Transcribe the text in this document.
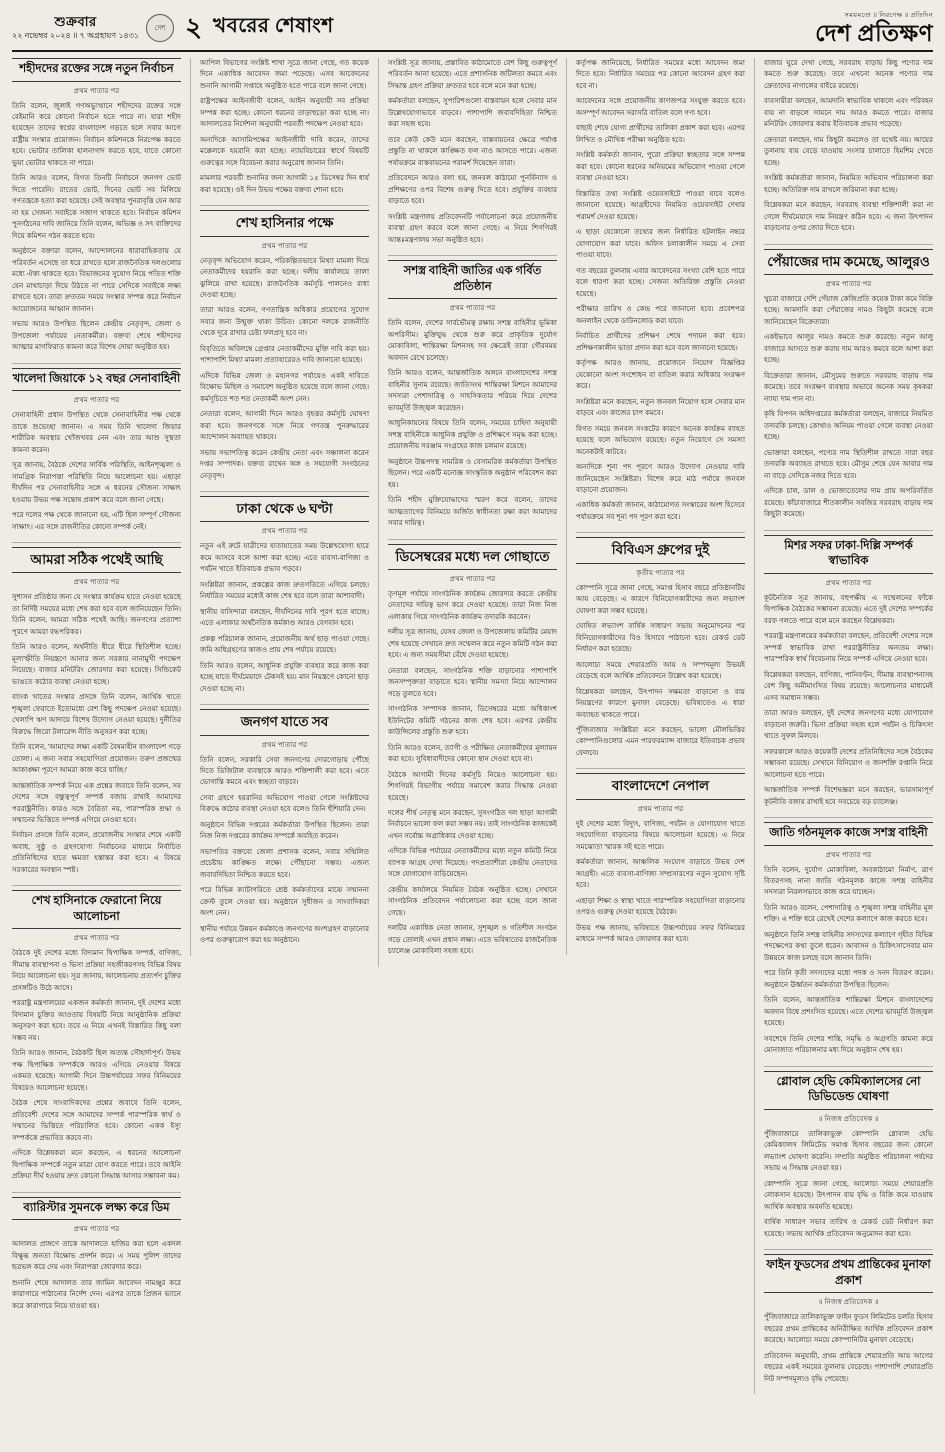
শুক্রবার
২২ নভেম্বর ২০২৪ ॥ ৭ অগ্রহায়ণ ১৪৩১
দেশ ২ খবরের শেষাংশ	সময়মতো ॥ নিরপেক্ষ ॥ প্রতিদিন
দেশ প্রতিক্ষণ
শহীদদের রক্তের সঙ্গে নতুন নির্বাচন
প্রথম পাতার পর

তিনি বলেন, জুলাই গণঅভ্যুত্থানে শহীদদের রক্তের সঙ্গে বেইমানি করে কোনো নির্বাচন হতে পারে না। যারা শহীদ হয়েছেন তাদের স্বপ্নের বাংলাদেশ গড়তে হলে সবার আগে রাষ্ট্রীয় সংস্কার প্রয়োজন। নির্বাচন কমিশনকে নিরপেক্ষ করতে হবে। ভোটার তালিকা হালনাগাদ করতে হবে, যাতে কোনো ভুয়া ভোটার থাকতে না পারে।

তিনি আরও বলেন, বিগত তিনটি নির্বাচনে জনগণ ভোট দিতে পারেনি। রাতের ভোট, দিনের ভোট সব মিলিয়ে গণতন্ত্রকে হত্যা করা হয়েছে। সেই অবস্থার পুনরাবৃত্তি যেন আর না হয় সেজন্য সবাইকে সজাগ থাকতে হবে। নির্বাচন কমিশন পুনর্গঠনের দাবি জানিয়ে তিনি বলেন, অভিজ্ঞ ও সৎ ব্যক্তিদের দিয়ে কমিশন গঠন করতে হবে।

অনুষ্ঠানে বক্তারা বলেন, আন্দোলনের ধারাবাহিকতায় যে পরিবর্তন এসেছে তা ধরে রাখতে হলে রাজনৈতিক দলগুলোর মধ্যে ঐক্য থাকতে হবে। বিভাজনের সুযোগ নিয়ে পতিত শক্তি যেন মাথাচাড়া দিয়ে উঠতে না পারে সেদিকে সবাইকে লক্ষ্য রাখতে হবে। তারা দ্রুততম সময়ে সংস্কার সম্পন্ন করে নির্বাচন আয়োজনের আহ্বান জানান।

সভায় আরও উপস্থিত ছিলেন কেন্দ্রীয় নেতৃবৃন্দ, জেলা ও উপজেলা পর্যায়ের নেতাকর্মীরা। বক্তব্য শেষে শহীদদের আত্মার মাগফিরাত কামনা করে বিশেষ দোয়া অনুষ্ঠিত হয়।

খালেদা জিয়াকে ১২ বছর সেনাবাহিনী
প্রথম পাতার পর

সেনাবাহিনী প্রধান উপস্থিত থেকে সেনাবাহিনীর পক্ষ থেকে তাকে শুভেচ্ছা জানান। এ সময় তিনি খালেদা জিয়ার শারীরিক অবস্থার খোঁজখবর নেন এবং তার আশু সুস্থতা কামনা করেন।

সূত্র জানায়, বৈঠকে দেশের সার্বিক পরিস্থিতি, আইনশৃঙ্খলা ও সামগ্রিক নিরাপত্তা পরিস্থিতি নিয়ে আলোচনা হয়। এছাড়া দীর্ঘদিন পর সেনাবাহিনীর সঙ্গে এ ধরনের সৌজন্য সাক্ষাৎ হওয়ায় উভয় পক্ষ সন্তোষ প্রকাশ করে বলে জানা গেছে।

পরে দলের পক্ষ থেকে জানানো হয়, এটি ছিল সম্পূর্ণ সৌজন্য সাক্ষাৎ। এর সঙ্গে রাজনীতির কোনো সম্পর্ক নেই।

আমরা সঠিক পথেই আছি
প্রথম পাতার পর

সুশাসন প্রতিষ্ঠার জন্য যে সংস্কার কার্যক্রম হাতে নেওয়া হয়েছে তা নির্দিষ্ট সময়ের মধ্যে শেষ করা হবে বলে জানিয়েছেন তিনি। তিনি বলেন, আমরা সঠিক পথেই আছি। জনগণের প্রত্যাশা পূরণে আমরা বদ্ধপরিকর।

তিনি আরও বলেন, অর্থনীতি ধীরে ধীরে স্থিতিশীল হচ্ছে। মূল্যস্ফীতি নিয়ন্ত্রণে আনার জন্য সরকার নানামুখী পদক্ষেপ নিয়েছে। বাজার মনিটরিং জোরদার করা হয়েছে। সিন্ডিকেট ভাঙতে কঠোর ব্যবস্থা নেওয়া হচ্ছে।

ব্যাংক খাতের সংস্কার প্রসঙ্গে তিনি বলেন, আর্থিক খাতে শৃঙ্খলা ফেরাতে ইতোমধ্যে বেশ কিছু পদক্ষেপ নেওয়া হয়েছে। খেলাপি ঋণ আদায়ে বিশেষ উদ্যোগ নেওয়া হয়েছে। দুর্নীতির বিরুদ্ধে জিরো টলারেন্স নীতি অনুসরণ করা হচ্ছে।

তিনি বলেন, 'আমাদের লক্ষ্য একটি বৈষম্যহীন বাংলাদেশ গড়ে তোলা। এ জন্য সবার সহযোগিতা প্রয়োজন। তরুণ প্রজন্মের আকাঙ্ক্ষা পূরণে আমরা কাজ করে যাচ্ছি।'

আন্তর্জাতিক সম্পর্ক নিয়ে এক প্রশ্নের জবাবে তিনি বলেন, সব দেশের সঙ্গে বন্ধুত্বপূর্ণ সম্পর্ক বজায় রাখাই আমাদের পররাষ্ট্রনীতি। কারও সঙ্গে বৈরিতা নয়, পারস্পরিক শ্রদ্ধা ও সম্মানের ভিত্তিতে সম্পর্ক এগিয়ে নেওয়া হবে।

নির্বাচন প্রসঙ্গে তিনি বলেন, প্রয়োজনীয় সংস্কার শেষে একটি অবাধ, সুষ্ঠু ও গ্রহণযোগ্য নির্বাচনের মাধ্যমে নির্বাচিত প্রতিনিধিদের হাতে ক্ষমতা হস্তান্তর করা হবে। এ বিষয়ে সরকারের অবস্থান স্পষ্ট।

শেখ হাসিনাকে ফেরানো নিয়ে আলোচনা
প্রথম পাতার পর

বৈঠকে দুই দেশের মধ্যে বিদ্যমান দ্বিপাক্ষিক সম্পর্ক, বাণিজ্য, সীমান্ত ব্যবস্থাপনা ও ভিসা প্রক্রিয়া সহজীকরণসহ বিভিন্ন বিষয় নিয়ে আলোচনা হয়। সূত্র জানায়, আলোচনায় প্রত্যর্পণ চুক্তির প্রসঙ্গটিও উঠে আসে।

পররাষ্ট্র মন্ত্রণালয়ের একজন কর্মকর্তা জানান, দুই দেশের মধ্যে বিদ্যমান চুক্তির আওতায় বিষয়টি নিয়ে আনুষ্ঠানিক প্রক্রিয়া অনুসরণ করা হবে। তবে এ নিয়ে এখনই বিস্তারিত কিছু বলা সম্ভব নয়।

তিনি আরও জানান, বৈঠকটি ছিল অত্যন্ত সৌহার্দ্যপূর্ণ। উভয় পক্ষ দ্বিপাক্ষিক সম্পর্ককে আরও এগিয়ে নেওয়ার বিষয়ে একমত হয়েছে। আগামী দিনে উচ্চপর্যায়ের সফর বিনিময়ের বিষয়েও আলোচনা হয়েছে।

বৈঠক শেষে সাংবাদিকদের প্রশ্নের জবাবে তিনি বলেন, প্রতিবেশী দেশের সঙ্গে আমাদের সম্পর্ক পারস্পরিক স্বার্থ ও সম্মানের ভিত্তিতে পরিচালিত হবে। কোনো একক ইস্যু সম্পর্ককে প্রভাবিত করবে না।

এদিকে বিশ্লেষকরা মনে করছেন, এ ধরনের আলোচনা দ্বিপাক্ষিক সম্পর্কে নতুন মাত্রা যোগ করতে পারে। তবে আইনি প্রক্রিয়া দীর্ঘ হওয়ায় দ্রুত কোনো সিদ্ধান্ত আসার সম্ভাবনা কম।

ব্যারিস্টার সুমনকে লক্ষ্য করে ডিম
প্রথম পাতার পর

আদালত প্রাঙ্গণে তাকে আদালতে হাজির করা হলে একদল বিক্ষুব্ধ জনতা বিক্ষোভ প্রদর্শন করে। এ সময় পুলিশ তাদের ছত্রভঙ্গ করে দেয় এবং নিরাপত্তা জোরদার করে।

শুনানি শেষে আদালত তার জামিন আবেদন নামঞ্জুর করে কারাগারে পাঠানোর নির্দেশ দেন। এরপর তাকে প্রিজন ভ্যানে করে কারাগারে নিয়ে যাওয়া হয়।

আপিল বিভাগের সংশ্লিষ্ট শাখা সূত্রে জানা গেছে, গত কয়েক দিনে একাধিক আবেদন জমা পড়েছে। এসব আবেদনের শুনানি আগামী সপ্তাহে অনুষ্ঠিত হতে পারে বলে জানা গেছে।

রাষ্ট্রপক্ষের আইনজীবী বলেন, আইন অনুযায়ী সব প্রক্রিয়া সম্পন্ন করা হচ্ছে। কোনো ধরনের তাড়াহুড়ো করা হচ্ছে না। আদালতের নির্দেশনা অনুযায়ী পরবর্তী পদক্ষেপ নেওয়া হবে।

অন্যদিকে আসামিপক্ষের আইনজীবী দাবি করেন, তাদের মক্কেলকে হয়রানি করা হচ্ছে। ন্যায়বিচারের স্বার্থে বিষয়টি গুরুত্বের সঙ্গে বিবেচনা করার অনুরোধ জানান তিনি।

মামলার পরবর্তী শুনানির জন্য আগামী ১৫ ডিসেম্বর দিন ধার্য করা হয়েছে। ওই দিন উভয় পক্ষের বক্তব্য শোনা হবে।

শেখ হাসিনার পক্ষে
প্রথম পাতার পর

নেতৃবৃন্দ অভিযোগ করেন, পরিকল্পিতভাবে মিথ্যা মামলা দিয়ে নেতাকর্মীদের হয়রানি করা হচ্ছে। দলীয় কার্যালয়ে তালা ঝুলিয়ে রাখা হয়েছে। রাজনৈতিক কর্মসূচি পালনেও বাধা দেওয়া হচ্ছে।

তারা আরও বলেন, গণতান্ত্রিক অধিকার প্রয়োগের সুযোগ সবার জন্য উন্মুক্ত থাকা উচিত। কোনো দলকে রাজনীতি থেকে দূরে রাখার চেষ্টা ফলপ্রসূ হবে না।

বিবৃতিতে অবিলম্বে গ্রেপ্তার নেতাকর্মীদের মুক্তি দাবি করা হয়। পাশাপাশি মিথ্যা মামলা প্রত্যাহারেরও দাবি জানানো হয়েছে।

এদিকে বিভিন্ন জেলা ও মহানগর পর্যায়েও একই দাবিতে বিক্ষোভ মিছিল ও সমাবেশ অনুষ্ঠিত হয়েছে বলে জানা গেছে। কর্মসূচিতে শত শত নেতাকর্মী অংশ নেন।

নেতারা বলেন, আগামী দিনে আরও বৃহত্তর কর্মসূচি ঘোষণা করা হবে। জনগণকে সঙ্গে নিয়ে গণতন্ত্র পুনরুদ্ধারের আন্দোলন অব্যাহত থাকবে।

সভায় সভাপতিত্ব করেন কেন্দ্রীয় নেতা এবং সঞ্চালনা করেন দপ্তর সম্পাদক। বক্তব্য রাখেন অঙ্গ ও সহযোগী সংগঠনের নেতৃবৃন্দ।

ঢাকা থেকে ৬ ঘণ্টা
প্রথম পাতার পর

নতুন এই রুটে যাত্রীদের যাতায়াতের সময় উল্লেখযোগ্য হারে কমে আসবে বলে আশা করা হচ্ছে। এতে ব্যবসা-বাণিজ্য ও পর্যটন খাতে ইতিবাচক প্রভাব পড়বে।

সংশ্লিষ্টরা জানান, প্রকল্পের কাজ দ্রুতগতিতে এগিয়ে চলছে। নির্ধারিত সময়ের মধ্যেই কাজ শেষ হবে বলে তারা আশাবাদী।

স্থানীয় বাসিন্দারা বলছেন, দীর্ঘদিনের দাবি পূরণ হতে যাচ্ছে। এতে এলাকার অর্থনৈতিক কর্মকাণ্ড আরও বেগবান হবে।

প্রকল্প পরিচালক জানান, প্রয়োজনীয় অর্থ ছাড় পাওয়া গেছে। জমি অধিগ্রহণের কাজও প্রায় শেষ পর্যায়ে রয়েছে।

তিনি আরও বলেন, আধুনিক প্রযুক্তি ব্যবহার করে কাজ করা হচ্ছে যাতে দীর্ঘমেয়াদে টেকসই হয়। মান নিয়ন্ত্রণে কোনো ছাড় দেওয়া হচ্ছে না।

জনগণ যাতে সব
প্রথম পাতার পর

তিনি বলেন, সরকারি সেবা জনগণের দোরগোড়ায় পৌঁছে দিতে ডিজিটাল ব্যবস্থাকে আরও শক্তিশালী করা হবে। এতে ভোগান্তি কমবে এবং স্বচ্ছতা বাড়বে।

সেবা গ্রহণে হয়রানির অভিযোগ পাওয়া গেলে সংশ্লিষ্টদের বিরুদ্ধে কঠোর ব্যবস্থা নেওয়া হবে বলেও তিনি হুঁশিয়ারি দেন।

অনুষ্ঠানে বিভিন্ন দপ্তরের কর্মকর্তারা উপস্থিত ছিলেন। তারা নিজ নিজ দপ্তরের কার্যক্রম সম্পর্কে অবহিত করেন।

সভাপতির বক্তব্যে জেলা প্রশাসক বলেন, সবার সম্মিলিত প্রচেষ্টায় কাঙ্ক্ষিত লক্ষ্যে পৌঁছানো সম্ভব। এজন্য জবাবদিহিতা নিশ্চিত করতে হবে।

পরে বিভিন্ন ক্যাটাগরিতে শ্রেষ্ঠ কর্মকর্তাদের মাঝে সম্মাননা ক্রেস্ট তুলে দেওয়া হয়। অনুষ্ঠানে সুধীজন ও সাংবাদিকরা অংশ নেন।

স্থানীয় পর্যায়ে উন্নয়ন কর্মকাণ্ডে জনগণের অংশগ্রহণ বাড়ানোর ওপর গুরুত্বারোপ করা হয় অনুষ্ঠানে।

সংশ্লিষ্ট সূত্র জানায়, প্রস্তাবিত কাঠামোতে বেশ কিছু গুরুত্বপূর্ণ পরিবর্তন আনা হয়েছে। এতে প্রশাসনিক জটিলতা কমবে এবং সিদ্ধান্ত গ্রহণ প্রক্রিয়া দ্রুততর হবে বলে মনে করা হচ্ছে।

কর্মকর্তারা বলছেন, সুপারিশগুলো বাস্তবায়ন হলে সেবার মান উল্লেখযোগ্যভাবে বাড়বে। পাশাপাশি জবাবদিহিতা নিশ্চিত করা সহজ হবে।

তবে কেউ কেউ মনে করছেন, বাস্তবায়নের ক্ষেত্রে পর্যাপ্ত প্রস্তুতি না থাকলে কাঙ্ক্ষিত ফল নাও আসতে পারে। এজন্য পর্যায়ক্রমে বাস্তবায়নের পরামর্শ দিয়েছেন তারা।

প্রতিবেদনে আরও বলা হয়, জনবল কাঠামো পুনর্বিন্যাস ও প্রশিক্ষণের ওপর বিশেষ গুরুত্ব দিতে হবে। প্রযুক্তির ব্যবহার বাড়াতে হবে।

সংশ্লিষ্ট মন্ত্রণালয় প্রতিবেদনটি পর্যালোচনা করে প্রয়োজনীয় ব্যবস্থা গ্রহণ করবে বলে জানা গেছে। এ নিয়ে শিগগিরই আন্তঃমন্ত্রণালয় সভা অনুষ্ঠিত হবে।

সশস্ত্র বাহিনী জাতির এক গর্বিত প্রতিষ্ঠান
প্রথম পাতার পর

তিনি বলেন, দেশের সার্বভৌমত্ব রক্ষায় সশস্ত্র বাহিনীর ভূমিকা অপরিসীম। মুক্তিযুদ্ধ থেকে শুরু করে প্রাকৃতিক দুর্যোগ মোকাবিলা, শান্তিরক্ষা মিশনসহ সব ক্ষেত্রেই তারা গৌরবময় অবদান রেখে চলেছে।

তিনি আরও বলেন, আন্তর্জাতিক অঙ্গনে বাংলাদেশের সশস্ত্র বাহিনীর সুনাম রয়েছে। জাতিসংঘ শান্তিরক্ষা মিশনে আমাদের সদস্যরা পেশাদারিত্ব ও সাহসিকতার পরিচয় দিয়ে দেশের ভাবমূর্তি উজ্জ্বল করেছেন।

আধুনিকায়নের বিষয়ে তিনি বলেন, সময়ের চাহিদা অনুযায়ী সশস্ত্র বাহিনীকে আধুনিক প্রযুক্তি ও প্রশিক্ষণে সমৃদ্ধ করা হচ্ছে। প্রয়োজনীয় সরঞ্জাম সংগ্রহের কাজ চলমান রয়েছে।

অনুষ্ঠানে উচ্চপদস্থ সামরিক ও বেসামরিক কর্মকর্তারা উপস্থিত ছিলেন। পরে একটি মনোজ্ঞ সাংস্কৃতিক অনুষ্ঠান পরিবেশন করা হয়।

তিনি শহীদ মুক্তিযোদ্ধাদের স্মরণ করে বলেন, তাদের আত্মত্যাগের বিনিময়ে অর্জিত স্বাধীনতা রক্ষা করা আমাদের সবার দায়িত্ব।

ডিসেম্বরের মধ্যে দল গোছাতে
প্রথম পাতার পর

তৃণমূল পর্যায়ে সাংগঠনিক কার্যক্রম জোরদার করতে কেন্দ্রীয় নেতাদের দায়িত্ব ভাগ করে দেওয়া হয়েছে। তারা নিজ নিজ এলাকায় গিয়ে সাংগঠনিক কার্যক্রম তদারকি করবেন।

দলীয় সূত্র জানায়, যেসব জেলা ও উপজেলায় কমিটির মেয়াদ শেষ হয়েছে সেখানে দ্রুত সম্মেলন করে নতুন কমিটি গঠন করা হবে। এ জন্য সময়সীমা বেঁধে দেওয়া হয়েছে।

নেতারা বলছেন, সাংগঠনিক শক্তি বাড়ানোর পাশাপাশি জনসম্পৃক্ততা বাড়াতে হবে। স্থানীয় সমস্যা নিয়ে আন্দোলন গড়ে তুলতে হবে।

সাংগঠনিক সম্পাদক জানান, ডিসেম্বরের মধ্যে অধিকাংশ ইউনিটের কমিটি গঠনের কাজ শেষ হবে। এরপর কেন্দ্রীয় কাউন্সিলের প্রস্তুতি শুরু হবে।

তিনি আরও বলেন, ত্যাগী ও পরীক্ষিত নেতাকর্মীদের মূল্যায়ন করা হবে। সুবিধাবাদীদের কোনো স্থান দেওয়া হবে না।

বৈঠকে আগামী দিনের কর্মসূচি নিয়েও আলোচনা হয়। শিগগিরই বিভাগীয় পর্যায়ে সমাবেশ করার সিদ্ধান্ত নেওয়া হয়েছে।

দলের শীর্ষ নেতৃত্ব মনে করছেন, সুসংগঠিত দল ছাড়া আগামী নির্বাচনে ভালো ফল করা সম্ভব নয়। তাই সাংগঠনিক কাজকেই এখন সর্বোচ্চ অগ্রাধিকার দেওয়া হচ্ছে।

এদিকে বিভিন্ন পর্যায়ের নেতাকর্মীদের মধ্যে নতুন কমিটি নিয়ে ব্যাপক আগ্রহ দেখা দিয়েছে। পদপ্রত্যাশীরা কেন্দ্রীয় নেতাদের সঙ্গে যোগাযোগ বাড়িয়েছেন।

কেন্দ্রীয় কার্যালয়ে নিয়মিত বৈঠক অনুষ্ঠিত হচ্ছে। সেখানে সাংগঠনিক প্রতিবেদন পর্যালোচনা করা হচ্ছে বলে জানা গেছে।

দলটির একাধিক নেতা জানান, সুশৃঙ্খল ও গতিশীল সংগঠন গড়ে তোলাই এখন প্রধান লক্ষ্য। এতে ভবিষ্যতের রাজনৈতিক চ্যালেঞ্জ মোকাবিলা সহজ হবে।

কর্তৃপক্ষ জানিয়েছে, নির্ধারিত সময়ের মধ্যে আবেদন জমা দিতে হবে। নির্ধারিত সময়ের পর কোনো আবেদন গ্রহণ করা হবে না।

আবেদনের সঙ্গে প্রয়োজনীয় কাগজপত্র সংযুক্ত করতে হবে। অসম্পূর্ণ আবেদন সরাসরি বাতিল বলে গণ্য হবে।

বাছাই শেষে যোগ্য প্রার্থীদের তালিকা প্রকাশ করা হবে। এরপর লিখিত ও মৌখিক পরীক্ষা অনুষ্ঠিত হবে।

সংশ্লিষ্ট কর্মকর্তা জানান, পুরো প্রক্রিয়া স্বচ্ছতার সঙ্গে সম্পন্ন করা হবে। কোনো ধরনের অনিয়মের অভিযোগ পাওয়া গেলে ব্যবস্থা নেওয়া হবে।

বিস্তারিত তথ্য সংশ্লিষ্ট ওয়েবসাইটে পাওয়া যাবে বলেও জানানো হয়েছে। আগ্রহীদের নিয়মিত ওয়েবসাইট দেখার পরামর্শ দেওয়া হয়েছে।

এ ছাড়া যেকোনো তথ্যের জন্য নির্ধারিত হটলাইন নম্বরে যোগাযোগ করা যাবে। অফিস চলাকালীন সময়ে এ সেবা পাওয়া যাবে।

গত বছরের তুলনায় এবার আবেদনের সংখ্যা বেশি হতে পারে বলে ধারণা করা হচ্ছে। সেজন্য অতিরিক্ত প্রস্তুতি নেওয়া হয়েছে।

পরীক্ষার তারিখ ও কেন্দ্র পরে জানানো হবে। প্রবেশপত্র অনলাইন থেকে ডাউনলোড করা যাবে।

নির্বাচিত প্রার্থীদের প্রশিক্ষণ শেষে পদায়ন করা হবে। প্রশিক্ষণকালীন ভাতা প্রদান করা হবে বলে জানানো হয়েছে।

কর্তৃপক্ষ আরও জানায়, প্রয়োজনে নিয়োগ বিজ্ঞপ্তির যেকোনো অংশ সংশোধন বা বাতিল করার অধিকার সংরক্ষণ করে।

সংশ্লিষ্টরা মনে করছেন, নতুন জনবল নিয়োগ হলে সেবার মান বাড়বে এবং কাজের চাপ কমবে।

বিগত সময়ে জনবল সংকটের কারণে অনেক কার্যক্রম ব্যাহত হয়েছে বলে অভিযোগ রয়েছে। নতুন নিয়োগে সে সমস্যা অনেকটাই কাটবে।

অন্যদিকে শূন্য পদ পূরণে আরও উদ্যোগ নেওয়ার দাবি জানিয়েছেন সংশ্লিষ্টরা। বিশেষ করে মাঠ পর্যায়ে জনবল বাড়ানো প্রয়োজন।

একাধিক কর্মকর্তা জানান, কাঠামোগত সংস্কারের অংশ হিসেবে পর্যায়ক্রমে সব শূন্য পদ পূরণ করা হবে।

বিবিএস গ্রুপের দুই
কৃতীয় পাতার পর

কোম্পানি সূত্রে জানা গেছে, সমাপ্ত হিসাব বছরে প্রতিষ্ঠানটির আয় বেড়েছে। এ কারণে বিনিয়োগকারীদের জন্য লভ্যাংশ ঘোষণা করা সম্ভব হয়েছে।

ঘোষিত লভ্যাংশ বার্ষিক সাধারণ সভায় অনুমোদনের পর বিনিয়োগকারীদের বিও হিসাবে পাঠানো হবে। রেকর্ড ডেট নির্ধারণ করা হয়েছে।

আলোচ্য সময়ে শেয়ারপ্রতি আয় ও সম্পদমূল্য উভয়ই বেড়েছে বলে আর্থিক প্রতিবেদনে উল্লেখ করা হয়েছে।

বিশ্লেষকরা বলছেন, উৎপাদন সক্ষমতা বাড়ানো ও ব্যয় নিয়ন্ত্রণের কারণে মুনাফা বেড়েছে। ভবিষ্যতেও এ ধারা অব্যাহত থাকতে পারে।

পুঁজিবাজার সংশ্লিষ্টরা মনে করছেন, ভালো মৌলভিত্তির কোম্পানিগুলোর এমন পারফরম্যান্স বাজারে ইতিবাচক প্রভাব ফেলবে।

বাংলাদেশে নেপাল
প্রথম পাতার পর

দুই দেশের মধ্যে বিদ্যুৎ, বাণিজ্য, পর্যটন ও যোগাযোগ খাতে সহযোগিতা বাড়ানোর বিষয়ে আলোচনা হয়েছে। এ নিয়ে সমঝোতা স্মারক সই হতে পারে।

কর্মকর্তারা জানান, আঞ্চলিক সংযোগ বাড়াতে উভয় দেশ আগ্রহী। এতে ব্যবসা-বাণিজ্য সম্প্রসারণের নতুন সুযোগ সৃষ্টি হবে।

এছাড়া শিক্ষা ও স্বাস্থ্য খাতে পারস্পরিক সহযোগিতা বাড়ানোর ওপরও গুরুত্ব দেওয়া হয়েছে বৈঠকে।

উভয় পক্ষ জানায়, ভবিষ্যতে উচ্চপর্যায়ের সফর বিনিময়ের মাধ্যমে সম্পর্ক আরও জোরদার করা হবে।

বাজার ঘুরে দেখা গেছে, সরবরাহ বাড়ায় কিছু পণ্যের দাম কমতে শুরু করেছে। তবে এখনো অনেক পণ্যের দাম ক্রেতাদের নাগালের বাইরে রয়েছে।

ব্যবসায়ীরা বলছেন, আমদানি স্বাভাবিক থাকলে এবং পরিবহন ব্যয় না বাড়লে সামনে দাম আরও কমতে পারে। বাজার মনিটরিং জোরদার করায় ইতিবাচক প্রভাব পড়েছে।

ক্রেতারা বলছেন, দাম কিছুটা কমলেও তা যথেষ্ট নয়। আয়ের তুলনায় ব্যয় বেড়ে যাওয়ায় সংসার চালাতে হিমশিম খেতে হচ্ছে।

সংশ্লিষ্ট কর্মকর্তারা জানান, নিয়মিত অভিযান পরিচালনা করা হচ্ছে। অতিরিক্ত দাম রাখলে জরিমানা করা হচ্ছে।

বিশ্লেষকরা মনে করছেন, সরবরাহ ব্যবস্থা শক্তিশালী করা না গেলে দীর্ঘমেয়াদে দাম নিয়ন্ত্রণ কঠিন হবে। এ জন্য উৎপাদন বাড়ানোর ওপর জোর দিতে হবে।

পেঁয়াজের দাম কমেছে, আলুরও
প্রথম পাতার পর

খুচরা বাজারে দেশি পেঁয়াজ কেজিপ্রতি কয়েক টাকা কমে বিক্রি হচ্ছে। আমদানি করা পেঁয়াজের দামও কিছুটা কমেছে বলে জানিয়েছেন বিক্রেতারা।

একইভাবে আলুর দামও কমতে শুরু করেছে। নতুন আলু বাজারে আসতে শুরু করায় দাম আরও কমবে বলে আশা করা হচ্ছে।

বিক্রেতারা জানান, মৌসুমের শুরুতে সরবরাহ বাড়ায় দাম কমেছে। তবে সংরক্ষণ ব্যবস্থার অভাবে অনেক সময় কৃষকরা ন্যায্য দাম পান না।

কৃষি বিপণন অধিদপ্তরের কর্মকর্তারা বলছেন, বাজারে নিয়মিত তদারকি চলছে। কোথাও অনিয়ম পাওয়া গেলে ব্যবস্থা নেওয়া হচ্ছে।

ভোক্তারা বলছেন, পণ্যের দাম স্থিতিশীল রাখতে সারা বছর তদারকি অব্যাহত রাখতে হবে। মৌসুম শেষে যেন আবার দাম না বাড়ে সেদিকে নজর দিতে হবে।

এদিকে চাল, ডাল ও ভোজ্যতেলের দাম প্রায় অপরিবর্তিত রয়েছে। কাঁচাবাজারে শীতকালীন সবজির সরবরাহ বাড়ায় দাম কিছুটা কমেছে।

মিশর সফর ঢাকা-দিল্লি সম্পর্ক স্বাভাবিক
প্রথম পাতার পর

কূটনৈতিক সূত্র জানায়, বহুপক্ষীয় এ সম্মেলনের ফাঁকে দ্বিপাক্ষিক বৈঠকের সম্ভাবনা রয়েছে। এতে দুই দেশের সম্পর্কের বরফ গলতে পারে বলে মনে করছেন বিশ্লেষকরা।

পররাষ্ট্র মন্ত্রণালয়ের কর্মকর্তারা বলছেন, প্রতিবেশী দেশের সঙ্গে সম্পর্ক স্বাভাবিক রাখা পররাষ্ট্রনীতির অন্যতম লক্ষ্য। পারস্পরিক স্বার্থ বিবেচনায় নিয়ে সম্পর্ক এগিয়ে নেওয়া হবে।

বিশ্লেষকরা বলছেন, বাণিজ্য, পানিবণ্টন, সীমান্ত ব্যবস্থাপনাসহ বেশ কিছু অমীমাংসিত বিষয় রয়েছে। আলোচনার মাধ্যমেই এসব সমাধান সম্ভব।

তারা আরও বলছেন, দুই দেশের জনগণের মধ্যে যোগাযোগ বাড়ানো জরুরি। ভিসা প্রক্রিয়া সহজ হলে পর্যটন ও চিকিৎসা খাতে সুফল মিলবে।

সফরকালে আরও কয়েকটি দেশের প্রতিনিধিদের সঙ্গে বৈঠকের সম্ভাবনা রয়েছে। সেখানে বিনিয়োগ ও জনশক্তি রপ্তানি নিয়ে আলোচনা হতে পারে।

আন্তর্জাতিক সম্পর্ক বিশেষজ্ঞরা মনে করছেন, ভারসাম্যপূর্ণ কূটনীতি বজায় রাখাই হবে সবচেয়ে বড় চ্যালেঞ্জ।

জাতি গঠনমূলক কাজে সশস্ত্র বাহিনী
প্রথম পাতার পর

তিনি বলেন, দুর্যোগ মোকাবিলা, অবকাঠামো নির্মাণ, ত্রাণ বিতরণসহ নানা জাতি গঠনমূলক কাজে সশস্ত্র বাহিনীর সদস্যরা নিরলসভাবে কাজ করে যাচ্ছেন।

তিনি আরও বলেন, পেশাদারিত্ব ও শৃঙ্খলা সশস্ত্র বাহিনীর মূল শক্তি। এ শক্তি ধরে রেখেই দেশের কল্যাণে কাজ করতে হবে।

অনুষ্ঠানে তিনি সশস্ত্র বাহিনীর সদস্যদের কল্যাণে গৃহীত বিভিন্ন পদক্ষেপের কথা তুলে ধরেন। আবাসন ও চিকিৎসাসেবার মান উন্নয়নে কাজ চলছে বলে জানান তিনি।

পরে তিনি কৃতী সদস্যদের মধ্যে পদক ও সনদ বিতরণ করেন। অনুষ্ঠানে ঊর্ধ্বতন কর্মকর্তারা উপস্থিত ছিলেন।

তিনি বলেন, আন্তর্জাতিক শান্তিরক্ষা মিশনে বাংলাদেশের অবদান বিশ্বে প্রশংসিত হয়েছে। এতে দেশের ভাবমূর্তি উজ্জ্বল হয়েছে।

সবশেষে তিনি দেশের শান্তি, সমৃদ্ধি ও অগ্রগতি কামনা করে মোনাজাত পরিচালনার মধ্য দিয়ে অনুষ্ঠান শেষ হয়।

গ্লোবাল হেভি কেমিক্যালসের নো ডিভিডেন্ড ঘোষণা
॥ নিজস্ব প্রতিবেদক ॥

পুঁজিবাজারে তালিকাভুক্ত কোম্পানি গ্লোবাল হেভি কেমিক্যালস লিমিটেড সমাপ্ত হিসাব বছরের জন্য কোনো লভ্যাংশ ঘোষণা করেনি। সম্প্রতি অনুষ্ঠিত পরিচালনা পর্ষদের সভায় এ সিদ্ধান্ত নেওয়া হয়।

কোম্পানি সূত্রে জানা গেছে, আলোচ্য সময়ে শেয়ারপ্রতি লোকসান হয়েছে। উৎপাদন ব্যয় বৃদ্ধি ও বিক্রি কমে যাওয়ায় আর্থিক অবস্থার অবনতি হয়েছে।

বার্ষিক সাধারণ সভার তারিখ ও রেকর্ড ডেট নির্ধারণ করা হয়েছে। সভায় আর্থিক প্রতিবেদন অনুমোদন করা হবে।

ফাইন ফুডসের প্রথম প্রান্তিকের মুনাফা প্রকাশ
॥ নিজস্ব প্রতিবেদক ॥

পুঁজিবাজারে তালিকাভুক্ত ফাইন ফুডস লিমিটেড চলতি হিসাব বছরের প্রথম প্রান্তিকের অনিরীক্ষিত আর্থিক প্রতিবেদন প্রকাশ করেছে। আলোচ্য সময়ে কোম্পানিটির মুনাফা বেড়েছে।

প্রতিবেদন অনুযায়ী, প্রথম প্রান্তিকে শেয়ারপ্রতি আয় আগের বছরের একই সময়ের তুলনায় বেড়েছে। পাশাপাশি শেয়ারপ্রতি নিট সম্পদমূল্যও বৃদ্ধি পেয়েছে।
